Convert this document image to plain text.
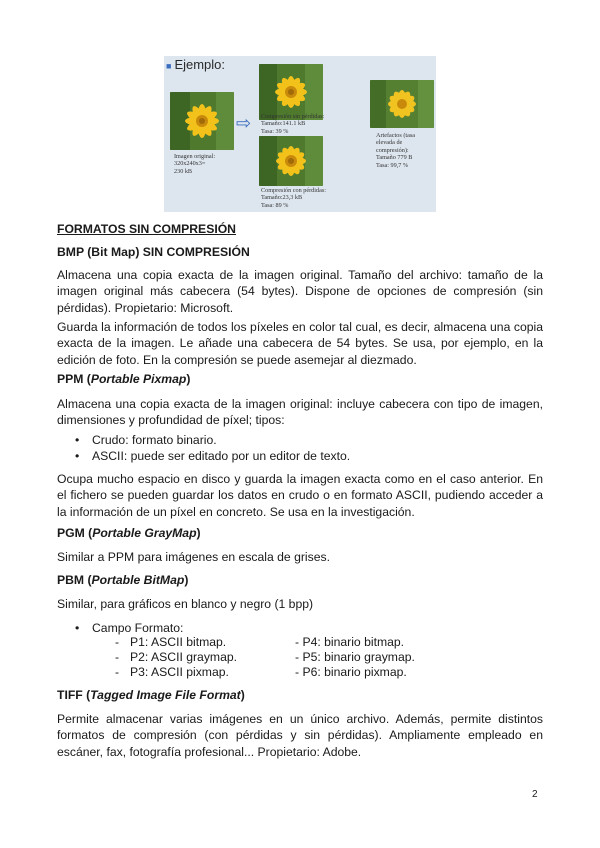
■ Ejemplo:
Imagen original:
320x240x3=
230 kB
⇨ Compresión sin pérdidas:
Tamaño:141.1 kB
Tasa: 39 %
Compresión con pérdidas:
Tamaño:23,3 kB
Tasa: 89 %
Artefactos (tasa
elevada de
compresión):
Tamaño 779 B
Tasa: 99,7 %
FORMATOS SIN COMPRESIÓN
BMP (Bit Map) SIN COMPRESIÓN
Almacena una copia exacta de la imagen original. Tamaño del archivo: tamaño de la imagen original más cabecera (54 bytes). Dispone de opciones de compresión (sin pérdidas). Propietario: Microsoft.
Guarda la información de todos los píxeles en color tal cual, es decir, almacena una copia exacta de la imagen. Le añade una cabecera de 54 bytes. Se usa, por ejemplo, en la edición de foto. En la compresión se puede asemejar al diezmado.
PPM (Portable Pixmap)
Almacena una copia exacta de la imagen original: incluye cabecera con tipo de imagen, dimensiones y profundidad de píxel; tipos:
• Crudo: formato binario.
• ASCII: puede ser editado por un editor de texto.
Ocupa mucho espacio en disco y guarda la imagen exacta como en el caso anterior. En el fichero se pueden guardar los datos en crudo o en formato ASCII, pudiendo acceder a la información de un píxel en concreto. Se usa en la investigación.
PGM (Portable GrayMap)
Similar a PPM para imágenes en escala de grises.
PBM (Portable BitMap)
Similar, para gráficos en blanco y negro (1 bpp)
• Campo Formato:
- P1: ASCII bitmap.	- P4: binario bitmap.
- P2: ASCII graymap.	- P5: binario graymap.
- P3: ASCII pixmap.	- P6: binario pixmap.
TIFF (Tagged Image File Format)
Permite almacenar varias imágenes en un único archivo. Además, permite distintos formatos de compresión (con pérdidas y sin pérdidas). Ampliamente empleado en escáner, fax, fotografía profesional... Propietario: Adobe.
2
